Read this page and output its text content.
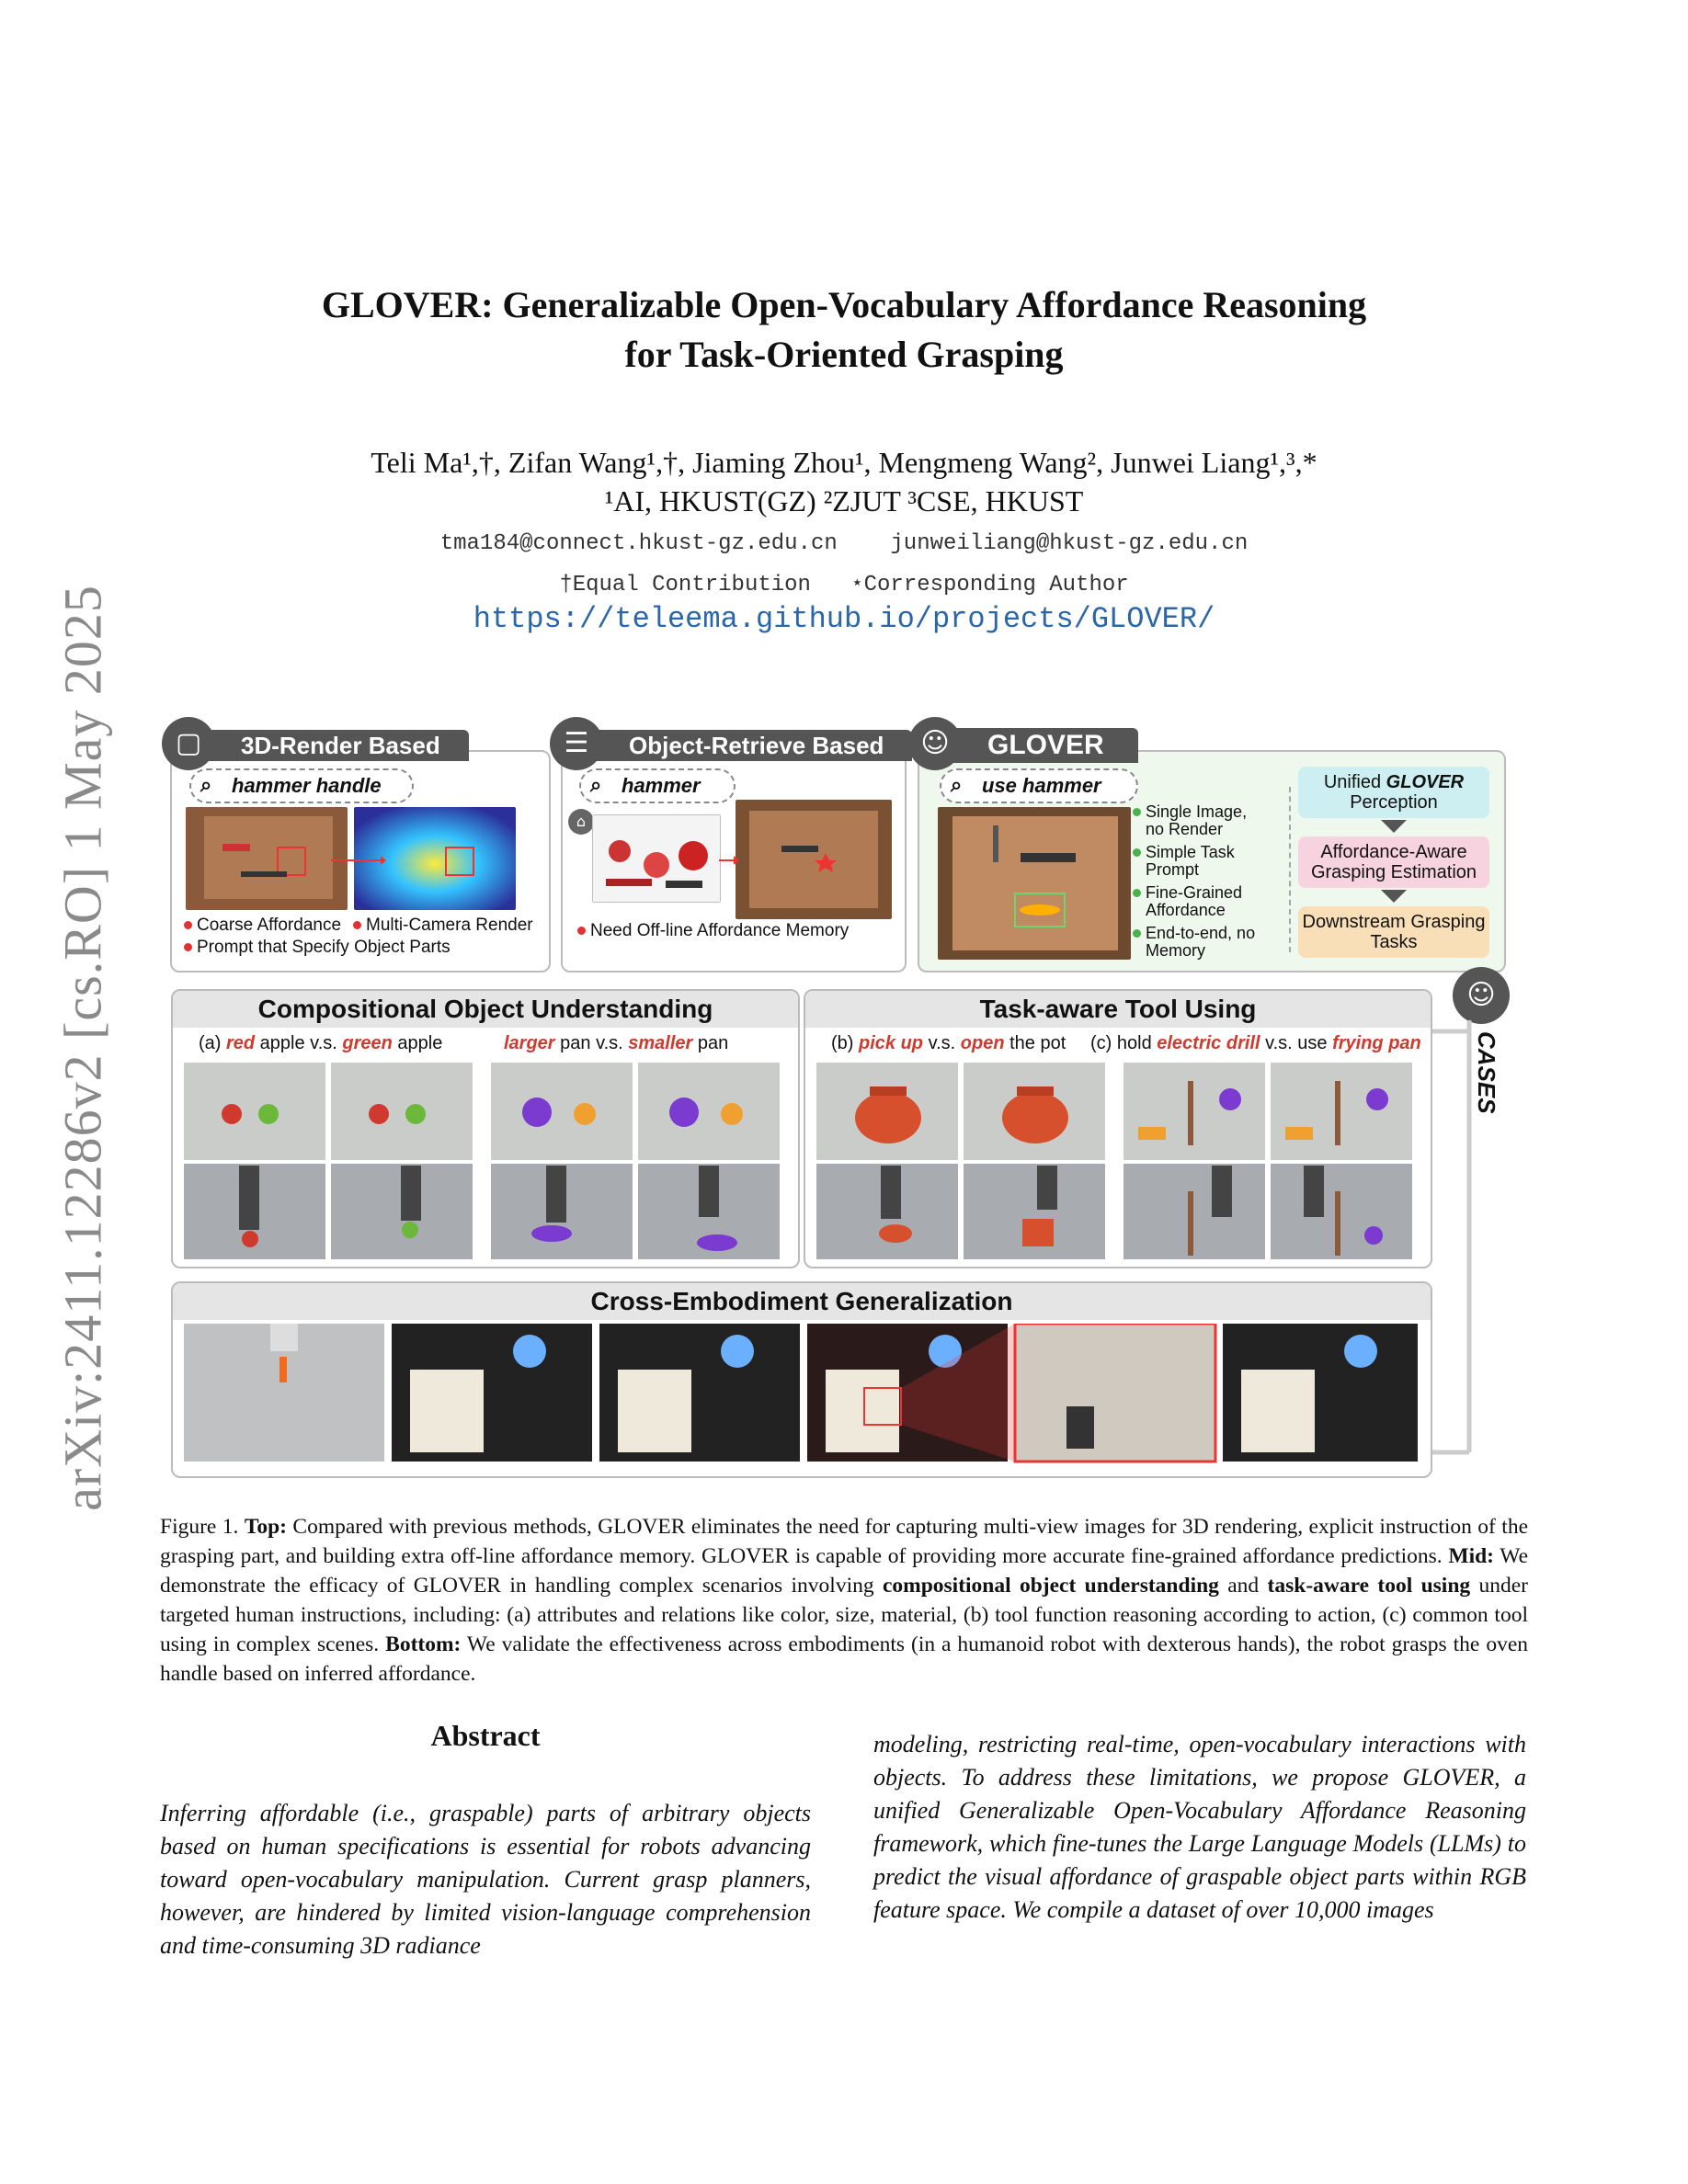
arXiv:2411.12286v2 [cs.RO] 1 May 2025
GLOVER: Generalizable Open-Vocabulary Affordance Reasoning
for Task-Oriented Grasping
Teli Ma¹,†, Zifan Wang¹,†, Jiaming Zhou¹, Mengmeng Wang², Junwei Liang¹,³,*
¹AI, HKUST(GZ) ²ZJUT ³CSE, HKUST
tma184@connect.hkust-gz.edu.cn    junweiliang@hkust-gz.edu.cn
†Equal Contribution   ⋆Corresponding Author
https://teleema.github.io/projects/GLOVER/
3D-Render Based
▢
⌕ hammer handle
Coarse Affordance	Multi-Camera Render
Prompt that Specify Object Parts
Object-Retrieve Based
☰
⌕ hammer
⌂
Need Off-line Affordance Memory
GLOVER
☺
⌕ use hammer
Single Image, no Render
Simple Task Prompt
Fine-Grained Affordance
End-to-end, no Memory
Unified GLOVER
Perception
Affordance-Aware Grasping Estimation
Downstream Grasping Tasks
☺
CASES
Compositional Object Understanding
(a) red apple v.s. green apple	larger pan v.s. smaller pan
Task-aware Tool Using
(b) pick up v.s. open the pot (c) hold electric drill v.s. use frying pan
Cross-Embodiment Generalization
Figure 1. Top: Compared with previous methods, GLOVER eliminates the need for capturing multi-view images for 3D rendering, explicit instruction of the grasping part, and building extra off-line affordance memory. GLOVER is capable of providing more accurate fine-grained affordance predictions. Mid: We demonstrate the efficacy of GLOVER in handling complex scenarios involving compositional object understanding and task-aware tool using under targeted human instructions, including: (a) attributes and relations like color, size, material, (b) tool function reasoning according to action, (c) common tool using in complex scenes. Bottom: We validate the effectiveness across embodiments (in a humanoid robot with dexterous hands), the robot grasps the oven handle based on inferred affordance.
Abstract
Inferring affordable (i.e., graspable) parts of arbitrary objects based on human specifications is essential for robots advancing toward open-vocabulary manipulation. Current grasp planners, however, are hindered by limited vision-language comprehension and time-consuming 3D radiance
modeling, restricting real-time, open-vocabulary interactions with objects. To address these limitations, we propose GLOVER, a unified Generalizable Open-Vocabulary Affordance Reasoning framework, which fine-tunes the Large Language Models (LLMs) to predict the visual affordance of graspable object parts within RGB feature space. We compile a dataset of over 10,000 images
